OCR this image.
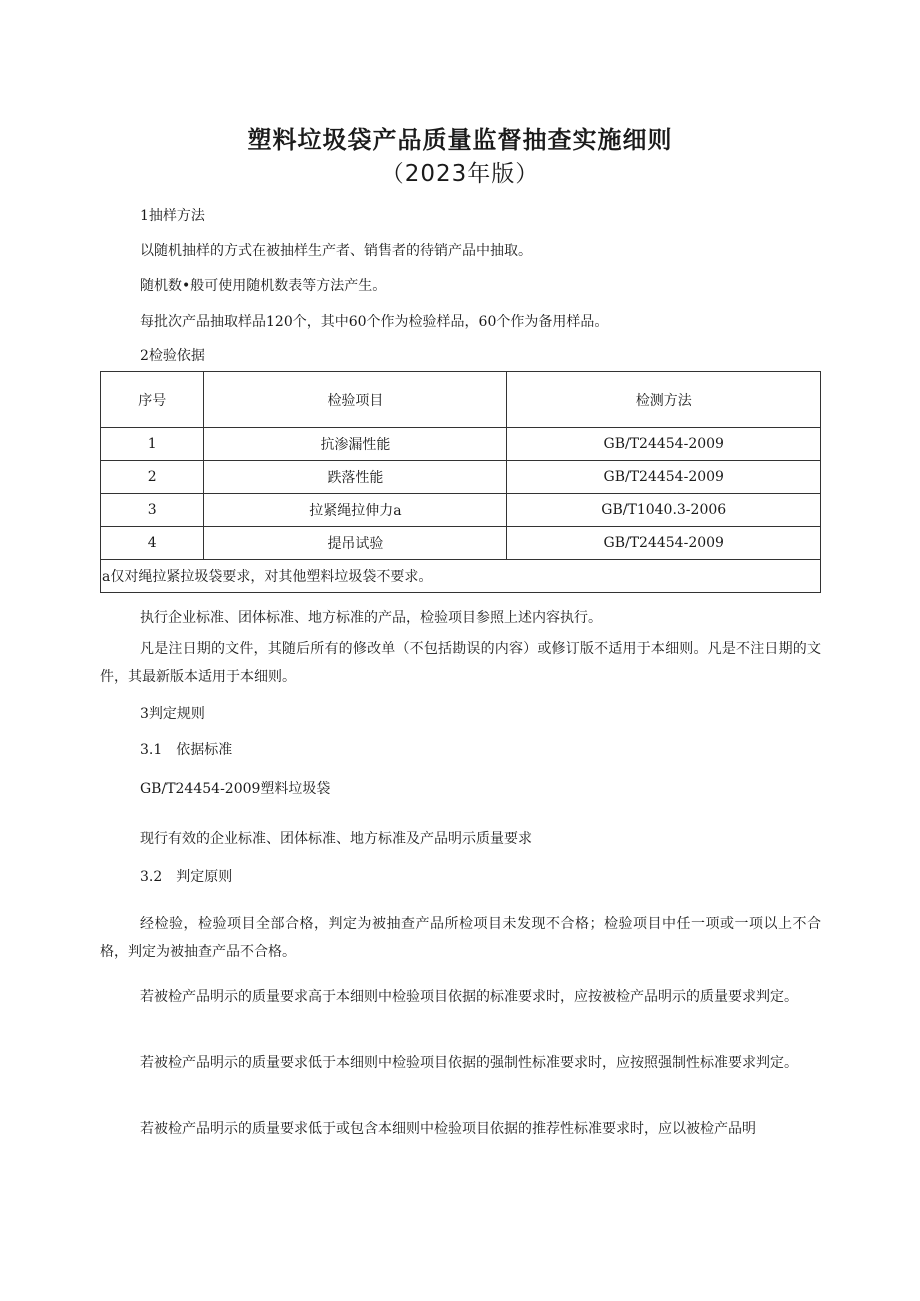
塑料垃圾袋产品质量监督抽查实施细则
（2023年版）
1抽样方法
以随机抽样的方式在被抽样生产者、销售者的待销产品中抽取。
随机数•般可使用随机数表等方法产生。
每批次产品抽取样品120个，其中60个作为检验样品，60个作为备用样品。
2检验依据
序号	检验项目	检测方法
1	抗渗漏性能	GB/T24454-2009
2	跌落性能	GB/T24454-2009
3	拉紧绳拉伸力a	GB/T1040.3-2006
4	提吊试验	GB/T24454-2009
a仅对绳拉紧拉圾袋要求，对其他塑料垃圾袋不要求。		
执行企业标准、团体标准、地方标准的产品，检验项目参照上述内容执行。
凡是注日期的文件，其随后所有的修改单（不包括勘误的内容）或修订版不适用于本细则。凡是不注日期的文件，其最新版本适用于本细则。
3判定规则
3.1　依据标准
GB/T24454-2009塑料垃圾袋
现行有效的企业标准、团体标准、地方标准及产品明示质量要求
3.2　判定原则
经检验，检验项目全部合格，判定为被抽查产品所检项目未发现不合格；检验项目中任一项或一项以上不合格，判定为被抽查产品不合格。
若被检产品明示的质量要求高于本细则中检验项目依据的标准要求时，应按被检产品明示的质量要求判定。
若被检产品明示的质量要求低于本细则中检验项目依据的强制性标准要求时，应按照强制性标准要求判定。
若被检产品明示的质量要求低于或包含本细则中检验项目依据的推荐性标准要求时，应以被检产品明
